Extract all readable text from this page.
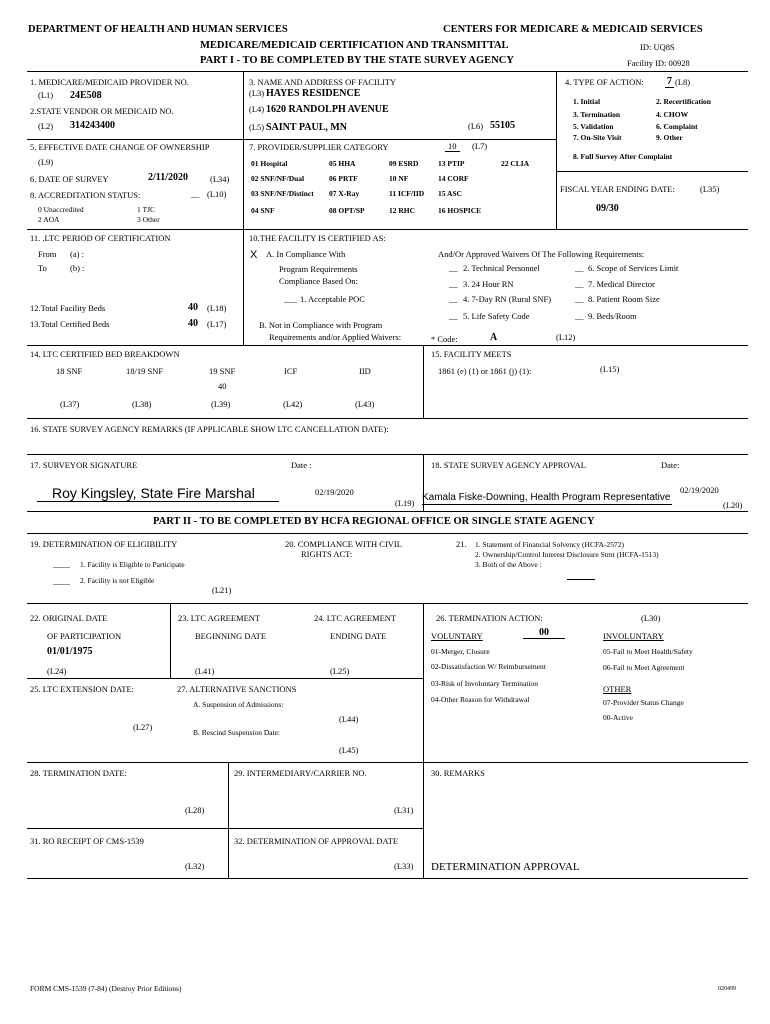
DEPARTMENT OF HEALTH AND HUMAN SERVICES	CENTERS FOR MEDICARE & MEDICAID SERVICES
MEDICARE/MEDICAID CERTIFICATION AND TRANSMITTAL	ID: UQ8S
PART I - TO BE COMPLETED BY THE STATE SURVEY AGENCY	Facility ID: 00928
1. MEDICARE/MEDICAID PROVIDER NO.
(L1) 24E508
2.STATE VENDOR OR MEDICAID NO.
(L2) 314243400
3. NAME AND ADDRESS OF FACILITY
(L3) HAYES RESIDENCE
(L4) 1620 RANDOLPH AVENUE
(L5) SAINT PAUL, MN	(L6) 55105
4. TYPE OF ACTION: 7 (L8)
1. Initial	2. Recertification
3. Termination	4. CHOW
5. Validation	6. Complaint
7. On-Site Visit	9. Other
8. Full Survey After Complaint
5. EFFECTIVE DATE CHANGE OF OWNERSHIP
(L9)
6. DATE OF SURVEY	2/11/2020	(L34)
8. ACCREDITATION STATUS:	__ (L10)
0 Unaccredited	1 TJC
2 AOA	3 Other
7. PROVIDER/SUPPLIER CATEGORY	10	(L7)
01 Hospital	05 HHA	09 ESRD	13 PTIP	22 CLIA
02 SNF/NF/Dual	06 PRTF	10 NF	14 CORF
03 SNF/NF/Distinct 07 X-Ray	11 ICF/IID 15 ASC
04 SNF	08 OPT/SP	12 RHC	16 HOSPICE
FISCAL YEAR ENDING DATE:	(L35)
09/30
11. .LTC PERIOD OF CERTIFICATION
From (a) :
To	(b) :
12.Total Facility Beds	40 (L18)
13.Total Certified Beds	40 (L17)
10.THE FACILITY IS CERTIFIED AS:
X A. In Compliance With
Program Requirements
Compliance Based On:
___ 1. Acceptable POC
B. Not in Compliance with Program
Requirements and/or Applied Waivers:
And/Or Approved Waivers Of The Following Requirements:
__ 2. Technical Personnel	__ 6. Scope of Services Limit
__ 3. 24 Hour RN	__ 7. Medical Director
__ 4. 7-Day RN (Rural SNF)	__ 8. Patient Room Size
__ 5. Life Safety Code	__ 9. Beds/Room
* Code:	A	(L12)
14. LTC CERTIFIED BED BREAKDOWN
18 SNF	18/19 SNF	19 SNF	ICF	IID
40
(L37)	(L38)	(L39)	(L42)	(L43)
15. FACILITY MEETS
1861 (e) (1) or 1861 (j) (1):	(L15)
16. STATE SURVEY AGENCY REMARKS (IF APPLICABLE SHOW LTC CANCELLATION DATE):
17. SURVEYOR SIGNATURE	Date :
Roy Kingsley, State Fire Marshal	02/19/2020
(L19)
18. STATE SURVEY AGENCY APPROVAL	Date:
Kamala Fiske-Downing, Health Program Representative
02/19/2020
(L20)
PART II - TO BE COMPLETED BY HCFA REGIONAL OFFICE OR SINGLE STATE AGENCY
19. DETERMINATION OF ELIGIBILITY
____ 1. Facility is Eligible to Participate
____ 2. Facility is not Eligible
(L21)
20. COMPLIANCE WITH CIVIL
RIGHTS ACT:
21. 1. Statement of Financial Solvency (HCFA-2572)
2. Ownership/Control Interest Disclosure Stmt (HCFA-1513)
3. Both of the Above :
22. ORIGINAL DATE
OF PARTICIPATION
01/01/1975
(L24)
23. LTC AGREEMENT
BEGINNING DATE
(L41)
24. LTC AGREEMENT
ENDING DATE
(L25)
25. LTC EXTENSION DATE:
(L27)
27. ALTERNATIVE SANCTIONS
A. Suspension of Admissions:
(L44)
B. Rescind Suspension Date:
(L45)
26. TERMINATION ACTION:	(L30)
VOLUNTARY	00	INVOLUNTARY
01-Merger, Closure
02-Dissatisfaction W/ Reimbursement
03-Risk of Involuntary Termination
04-Other Reason for Withdrawal
05-Fail to Meet Health/Safety
06-Fail to Meet Agreement
OTHER
07-Provider Status Change
00-Active
28. TERMINATION DATE:
(L28)
29. INTERMEDIARY/CARRIER NO.
(L31)
30. REMARKS
31. RO RECEIPT OF CMS-1539
(L32)
32. DETERMINATION OF APPROVAL DATE
(L33) DETERMINATION APPROVAL
FORM CMS-1539 (7-84) (Destroy Prior Editions)	020499
